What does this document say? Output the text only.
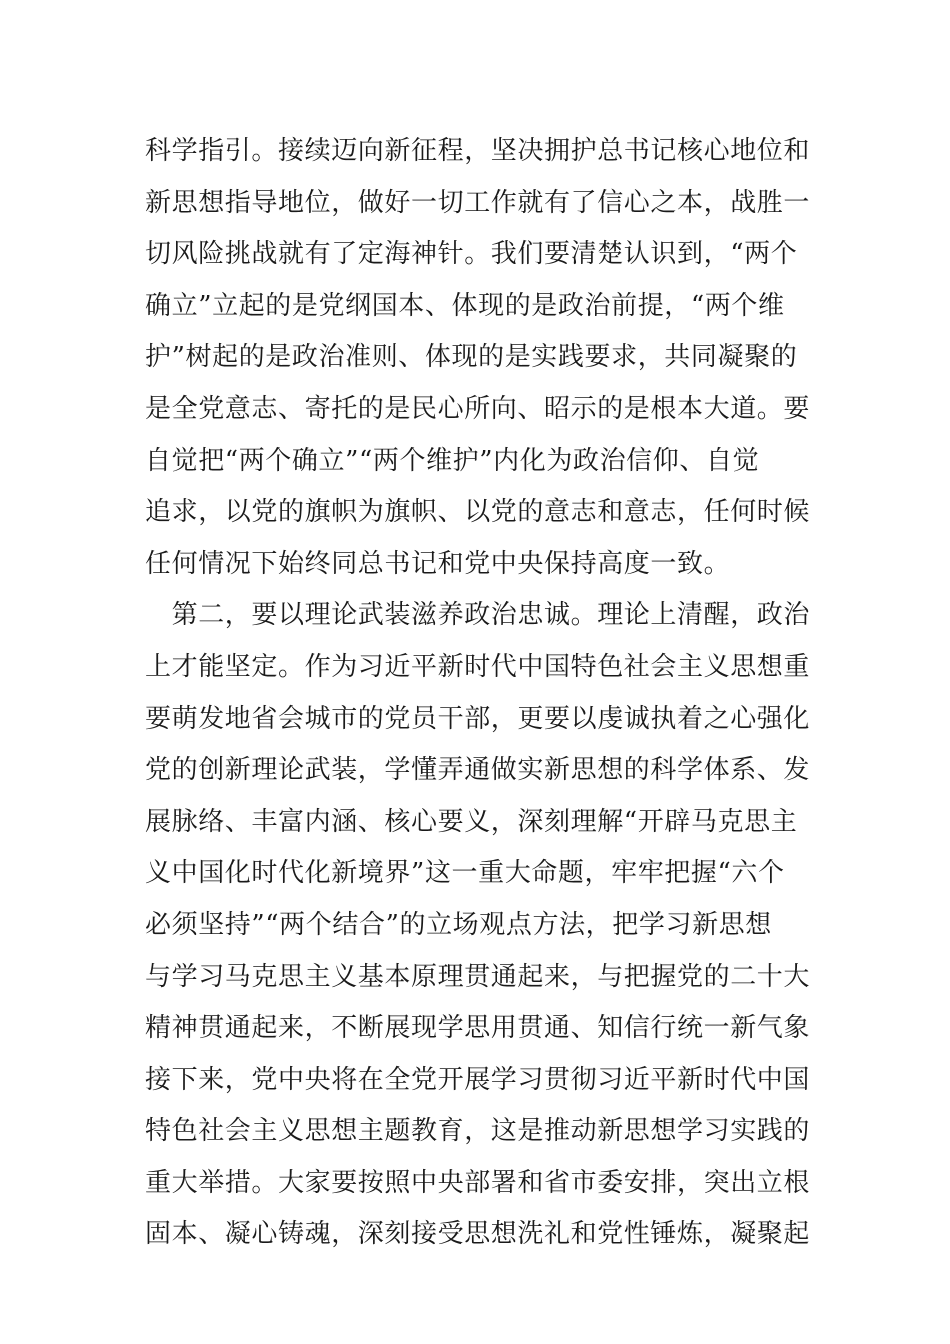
科学指引。接续迈向新征程，坚决拥护总书记核心地位和
新思想指导地位，做好一切工作就有了信心之本，战胜一
切风险挑战就有了定海神针。我们要清楚认识到，“两个
确立”立起的是党纲国本、体现的是政治前提，“两个维
护”树起的是政治准则、体现的是实践要求，共同凝聚的
是全党意志、寄托的是民心所向、昭示的是根本大道。要
自觉把“两个确立”“两个维护”内化为政治信仰、自觉
追求，以党的旗帜为旗帜、以党的意志和意志，任何时候
任何情况下始终同总书记和党中央保持高度一致。
　第二，要以理论武装滋养政治忠诚。理论上清醒，政治
上才能坚定。作为习近平新时代中国特色社会主义思想重
要萌发地省会城市的党员干部，更要以虔诚执着之心强化
党的创新理论武装，学懂弄通做实新思想的科学体系、发
展脉络、丰富内涵、核心要义，深刻理解“开辟马克思主
义中国化时代化新境界”这一重大命题，牢牢把握“六个
必须坚持”“两个结合”的立场观点方法，把学习新思想
与学习马克思主义基本原理贯通起来，与把握党的二十大
精神贯通起来，不断展现学思用贯通、知信行统一新气象
接下来，党中央将在全党开展学习贯彻习近平新时代中国
特色社会主义思想主题教育，这是推动新思想学习实践的
重大举措。大家要按照中央部署和省市委安排，突出立根
固本、凝心铸魂，深刻接受思想洗礼和党性锤炼，凝聚起
